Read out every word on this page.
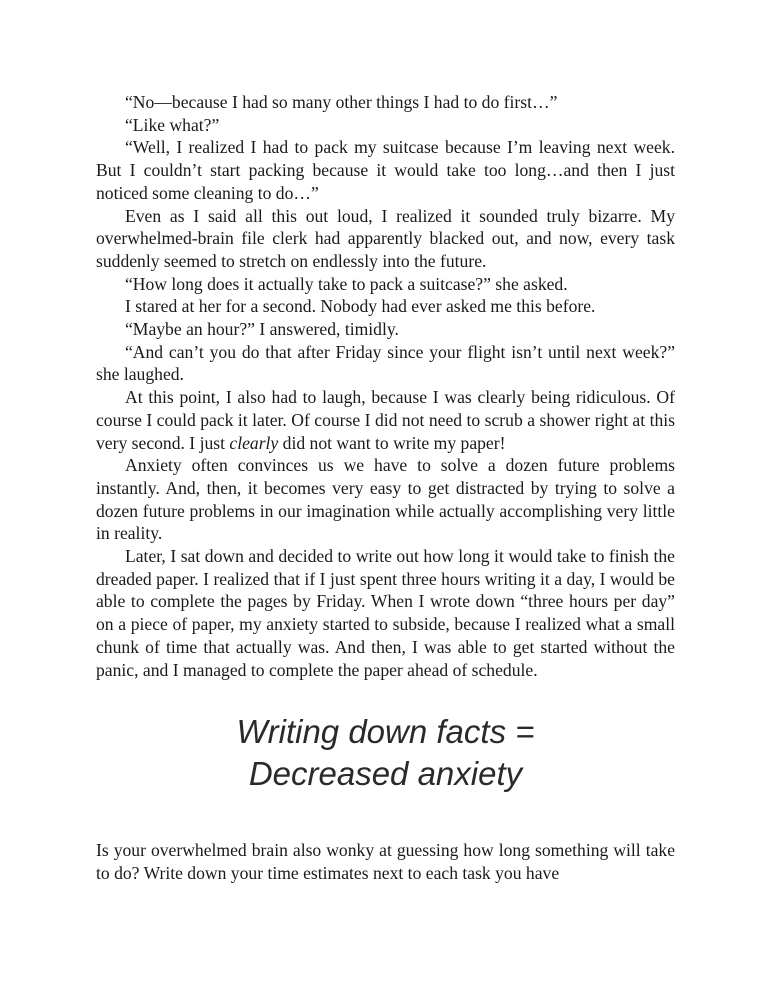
“No—because I had so many other things I had to do first…”

“Like what?”

“Well, I realized I had to pack my suitcase because I’m leaving next week. But I couldn’t start packing because it would take too long…and then I just noticed some cleaning to do…”

Even as I said all this out loud, I realized it sounded truly bizarre. My overwhelmed-brain file clerk had apparently blacked out, and now, every task suddenly seemed to stretch on endlessly into the future.

“How long does it actually take to pack a suitcase?” she asked.

I stared at her for a second. Nobody had ever asked me this before.

“Maybe an hour?” I answered, timidly.

“And can’t you do that after Friday since your flight isn’t until next week?” she laughed.

At this point, I also had to laugh, because I was clearly being ridiculous. Of course I could pack it later. Of course I did not need to scrub a shower right at this very second. I just clearly did not want to write my paper!

Anxiety often convinces us we have to solve a dozen future problems instantly. And, then, it becomes very easy to get distracted by trying to solve a dozen future problems in our imagination while actually accomplishing very little in reality.

Later, I sat down and decided to write out how long it would take to finish the dreaded paper. I realized that if I just spent three hours writing it a day, I would be able to complete the pages by Friday. When I wrote down “three hours per day” on a piece of paper, my anxiety started to subside, because I realized what a small chunk of time that actually was. And then, I was able to get started without the panic, and I managed to complete the paper ahead of schedule.

Writing down facts =
Decreased anxiety

Is your overwhelmed brain also wonky at guessing how long something will take to do? Write down your time estimates next to each task you have
